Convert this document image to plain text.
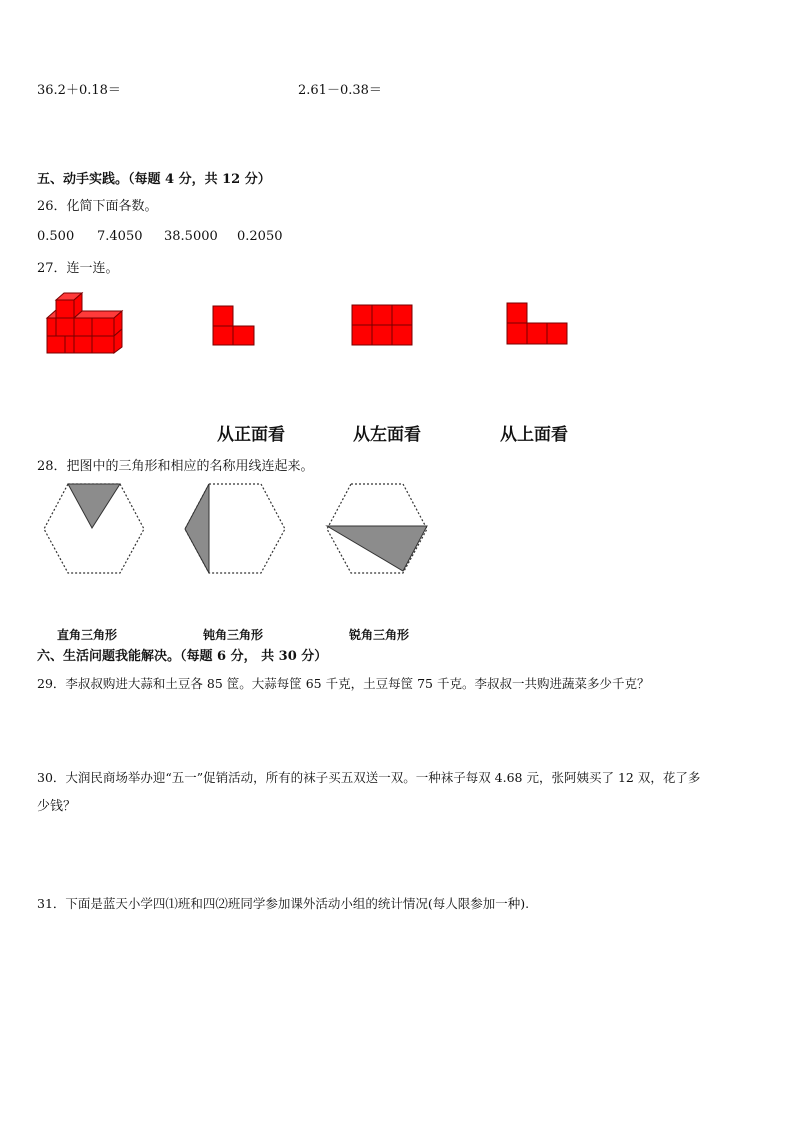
36.2＋0.18＝	2.61－0.38＝
五、动手实践。（每题 4 分，共 12 分）
26．化简下面各数。
0.500 7.4050 38.5000 0.2050
27．连一连。
从正面看	从左面看	从上面看
28．把图中的三角形和相应的名称用线连起来。
直角三角形	钝角三角形	锐角三角形
六、生活问题我能解决。（每题 6 分， 共 30 分）
29．李叔叔购进大蒜和土豆各 85 筐。大蒜每筐 65 千克，土豆每筐 75 千克。李叔叔一共购进蔬菜多少千克？
30．大润民商场举办迎“五一”促销活动，所有的袜子买五双送一双。一种袜子每双 4.68 元，张阿姨买了 12 双，花了多
少钱？
31．下面是蓝天小学四⑴班和四⑵班同学参加课外活动小组的统计情况(每人限参加一种).
